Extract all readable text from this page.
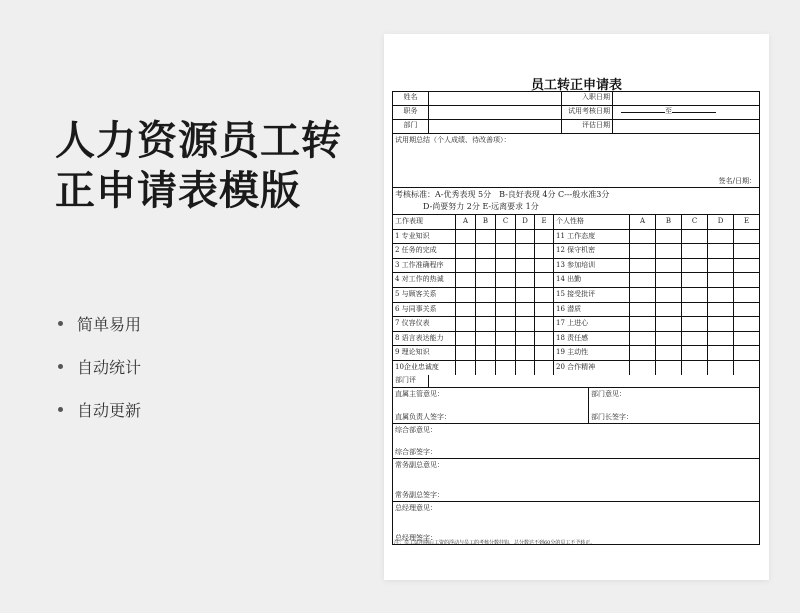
人力资源员工转
正申请表模版
简单易用
自动统计
自动更新
员工转正申请表
姓名	入职日期
职务	试用考核日期	至
部门	评估日期
试用期总结（个人成绩、待改善项）：
签名/日期：
考核标准：A-优秀表现 5分　B-良好表现 4分 C---般水准3分
D-尚要努力 2分 E-远离要求 1分
工作表现	A	B	C	D	E	个人性格	A	B	C	D	E
1 专业知识	11 工作态度
2 任务的完成	12 保守机密
3 工作准确程序	13 参加培训
4 对工作的热诚	14 出勤
5 与顾客关系	15 接受批评
6 与同事关系	16 潜质
7 仪容仪表	17 上进心
8 语言表达能力	18 责任感
9 理论知识	19 主动性
10企业忠诚度	20 合作精神
部门评
直属主管意见：
直属负责人签字：
部门意见：
部门长签字：
综合部意见：
综合部签字：
常务副总意见：
常务副总签字：
总经理意见：
总经理签字：
注：员工试用期后工资的浮动与员工的考核分数挂钩，总分数达不到60分的员工不予转正。
